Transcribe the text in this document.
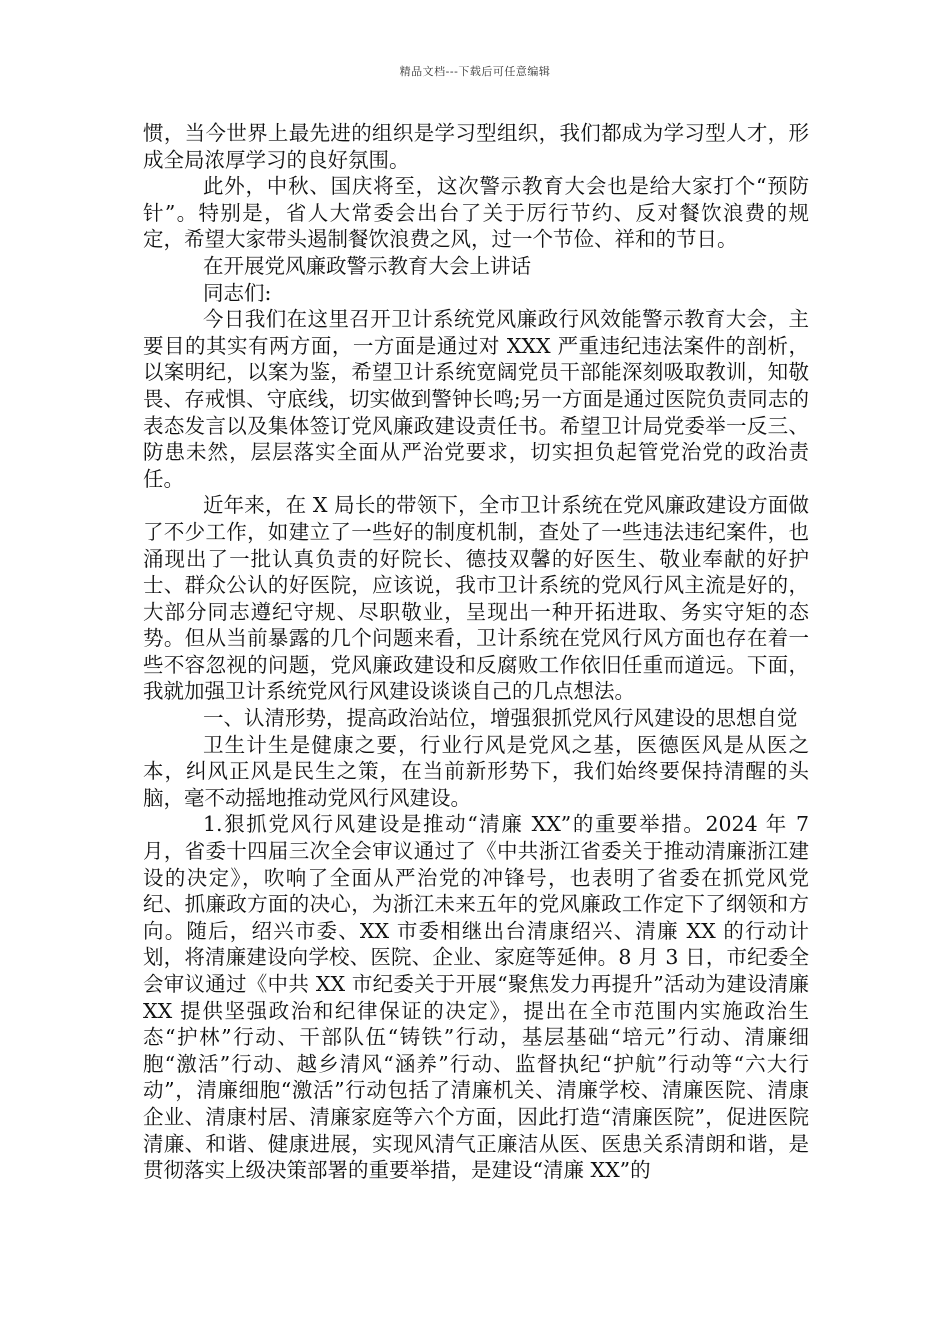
精品文档---下载后可任意编辑

惯，当今世界上最先进的组织是学习型组织，我们都成为学习型人才，形成全局浓厚学习的良好氛围。

此外，中秋、国庆将至，这次警示教育大会也是给大家打个“预防针”。特别是，省人大常委会出台了关于厉行节约、反对餐饮浪费的规定，希望大家带头遏制餐饮浪费之风，过一个节俭、祥和的节日。

在开展党风廉政警示教育大会上讲话

同志们:

今日我们在这里召开卫计系统党风廉政行风效能警示教育大会，主要目的其实有两方面，一方面是通过对 XXX 严重违纪违法案件的剖析，以案明纪，以案为鉴，希望卫计系统宽阔党员干部能深刻吸取教训，知敬畏、存戒惧、守底线，切实做到警钟长鸣;另一方面是通过医院负责同志的表态发言以及集体签订党风廉政建设责任书。希望卫计局党委举一反三、防患未然，层层落实全面从严治党要求，切实担负起管党治党的政治责任。

近年来，在 X 局长的带领下，全市卫计系统在党风廉政建设方面做了不少工作，如建立了一些好的制度机制，查处了一些违法违纪案件，也涌现出了一批认真负责的好院长、德技双馨的好医生、敬业奉献的好护士、群众公认的好医院，应该说，我市卫计系统的党风行风主流是好的，大部分同志遵纪守规、尽职敬业，呈现出一种开拓进取、务实守矩的态势。但从当前暴露的几个问题来看，卫计系统在党风行风方面也存在着一些不容忽视的问题，党风廉政建设和反腐败工作依旧任重而道远。下面，我就加强卫计系统党风行风建设谈谈自己的几点想法。

一、认清形势，提高政治站位，增强狠抓党风行风建设的思想自觉

卫生计生是健康之要，行业行风是党风之基，医德医风是从医之本，纠风正风是民生之策，在当前新形势下，我们始终要保持清醒的头脑，毫不动摇地推动党风行风建设。

1.狠抓党风行风建设是推动“清廉 XX”的重要举措。2024 年 7 月，省委十四届三次全会审议通过了《中共浙江省委关于推动清廉浙江建设的决定》，吹响了全面从严治党的冲锋号，也表明了省委在抓党风党纪、抓廉政方面的决心，为浙江未来五年的党风廉政工作定下了纲领和方向。随后，绍兴市委、XX 市委相继出台清康绍兴、清廉 XX 的行动计划，将清廉建设向学校、医院、企业、家庭等延伸。8 月 3 日，市纪委全会审议通过《中共 XX 市纪委关于开展“聚焦发力再提升”活动为建设清廉 XX 提供坚强政治和纪律保证的决定》，提出在全市范围内实施政治生态“护林”行动、干部队伍“铸铁”行动，基层基础“培元”行动、清廉细胞“激活”行动、越乡清风“涵养”行动、监督执纪“护航”行动等“六大行动”，清廉细胞“激活”行动包括了清廉机关、清廉学校、清廉医院、清康企业、清康村居、清廉家庭等六个方面，因此打造“清廉医院”，促进医院清廉、和谐、健康进展，实现风清气正廉洁从医、医患关系清朗和谐，是贯彻落实上级决策部署的重要举措，是建设“清廉 XX”的
